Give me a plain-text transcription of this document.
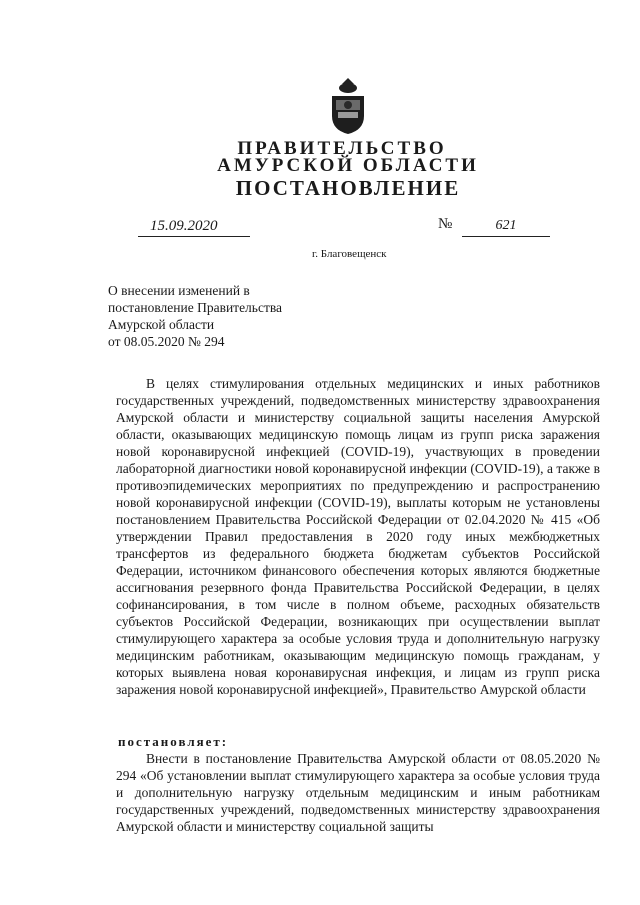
ПРАВИТЕЛЬСТВО
АМУРСКОЙ ОБЛАСТИ
ПОСТАНОВЛЕНИЕ
15.09.2020	№	621
г. Благовещенск
О внесении изменений в
постановление Правительства
Амурской области
от 08.05.2020 № 294

В целях стимулирования отдельных медицинских и иных работников государственных учреждений, подведомственных министерству здравоохранения Амурской области и министерству социальной защиты населения Амурской области, оказывающих медицинскую помощь лицам из групп риска заражения новой коронавирусной инфекцией (COVID-19), участвующих в проведении лабораторной диагностики новой коронавирусной инфекции (COVID-19), а также в противоэпидемических мероприятиях по предупреждению и распространению новой коронавирусной инфекции (COVID-19), выплаты которым не установлены постановлением Правительства Российской Федерации от 02.04.2020 № 415 «Об утверждении Правил предоставления в 2020 году иных межбюджетных трансфертов из федерального бюджета бюджетам субъектов Российской Федерации, источником финансового обеспечения которых являются бюджетные ассигнования резервного фонда Правительства Российской Федерации, в целях софинансирования, в том числе в полном объеме, расходных обязательств субъектов Российской Федерации, возникающих при осуществлении выплат стимулирующего характера за особые условия труда и дополнительную нагрузку медицинским работникам, оказывающим медицинскую помощь гражданам, у которых выявлена новая коронавирусная инфекция, и лицам из групп риска заражения новой коронавирусной инфекцией», Правительство Амурской области

постановляет:

Внести в постановление Правительства Амурской области от 08.05.2020 № 294 «Об установлении выплат стимулирующего характера за особые условия труда и дополнительную нагрузку отдельным медицинским и иным работникам государственных учреждений, подведомственных министерству здравоохранения Амурской области и министерству социальной защиты
